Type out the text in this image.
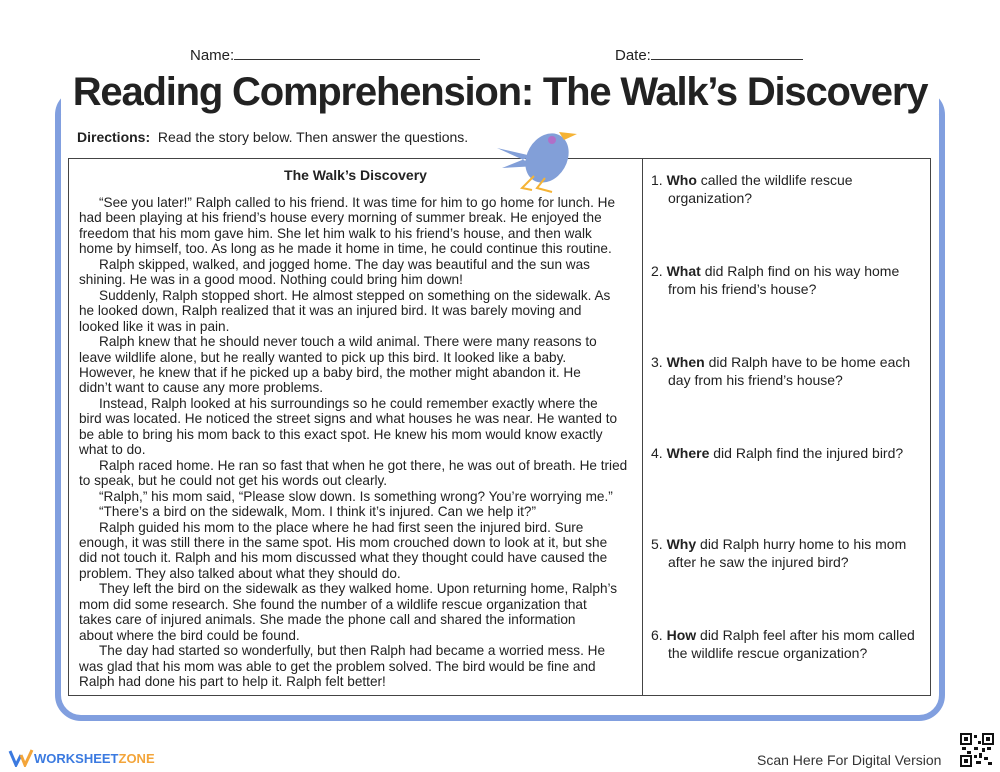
Name:	Date:
Reading Comprehension: The Walk’s Discovery
Directions: Read the story below. Then answer the questions.
The Walk’s Discovery
“See you later!” Ralph called to his friend. It was time for him to go home for lunch. He
had been playing at his friend’s house every morning of summer break. He enjoyed the
freedom that his mom gave him. She let him walk to his friend’s house, and then walk
home by himself, too. As long as he made it home in time, he could continue this routine.
Ralph skipped, walked, and jogged home. The day was beautiful and the sun was
shining. He was in a good mood. Nothing could bring him down!
Suddenly, Ralph stopped short. He almost stepped on something on the sidewalk. As
he looked down, Ralph realized that it was an injured bird. It was barely moving and
looked like it was in pain.
Ralph knew that he should never touch a wild animal. There were many reasons to
leave wildlife alone, but he really wanted to pick up this bird. It looked like a baby.
However, he knew that if he picked up a baby bird, the mother might abandon it. He
didn’t want to cause any more problems.
Instead, Ralph looked at his surroundings so he could remember exactly where the
bird was located. He noticed the street signs and what houses he was near. He wanted to
be able to bring his mom back to this exact spot. He knew his mom would know exactly
what to do.
Ralph raced home. He ran so fast that when he got there, he was out of breath. He tried
to speak, but he could not get his words out clearly.
“Ralph,” his mom said, “Please slow down. Is something wrong? You’re worrying me.”
“There’s a bird on the sidewalk, Mom. I think it’s injured. Can we help it?”
Ralph guided his mom to the place where he had first seen the injured bird. Sure
enough, it was still there in the same spot. His mom crouched down to look at it, but she
did not touch it. Ralph and his mom discussed what they thought could have caused the
problem. They also talked about what they should do.
They left the bird on the sidewalk as they walked home. Upon returning home, Ralph’s
mom did some research. She found the number of a wildlife rescue organization that
takes care of injured animals. She made the phone call and shared the information
about where the bird could be found.
The day had started so wonderfully, but then Ralph had became a worried mess. He
was glad that his mom was able to get the problem solved. The bird would be fine and
Ralph had done his part to help it. Ralph felt better!
1. Who called the wildlife rescue
organization?
2. What did Ralph find on his way home
from his friend’s house?
3. When did Ralph have to be home each
day from his friend’s house?
4. Where did Ralph find the injured bird?
5. Why did Ralph hurry home to his mom
after he saw the injured bird?
6. How did Ralph feel after his mom called
the wildlife rescue organization?
WORKSHEET ZONE	Scan Here For Digital Version
